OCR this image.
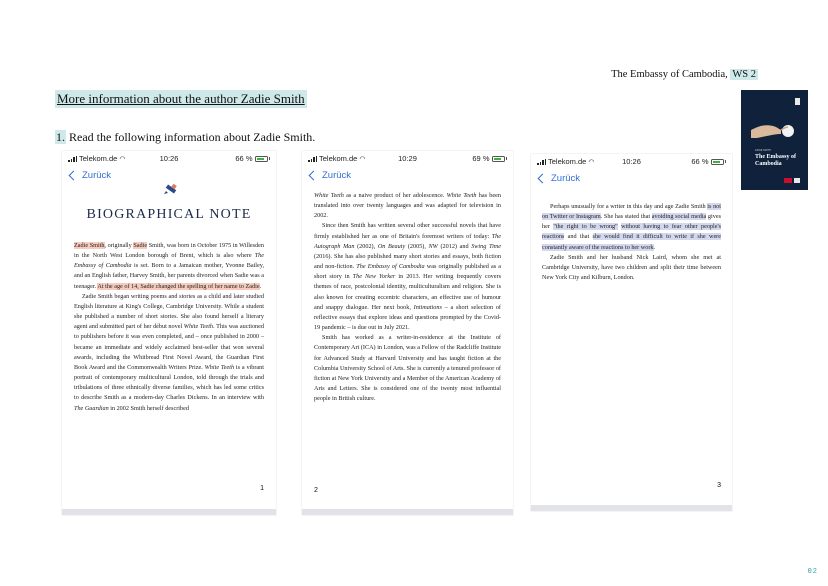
The Embassy of Cambodia, WS 2
More information about the author Zadie Smith
1. Read the following information about Zadie Smith.
ZADIE SMITH
The Embassy of
Cambodia
Telekom.de ◠	10:26	66 %
Zurück
BIOGRAPHICAL NOTE

Zadie Smith, originally Sadie Smith, was born in October 1975 in Willesden in the North West London borough of Brent, which is also where The Embassy of Cambodia is set. Born to a Jamaican mother, Yvonne Bailey, and an English father, Harvey Smith, her parents divorced when Sadie was a teenager. At the age of 14, Sadie changed the spelling of her name to Zadie.

Zadie Smith began writing poems and stories as a child and later studied English literature at King's College, Cambridge University. While a student she published a number of short stories. She also found herself a literary agent and submitted part of her début novel White Teeth. This was auctioned to publishers before it was even completed, and – once published in 2000 – became an immediate and widely acclaimed best-seller that won several awards, including the Whitbread First Novel Award, the Guardian First Book Award and the Commonwealth Writers Prize. White Teeth is a vibrant portrait of contemporary multicultural London, told through the trials and tribulations of three ethnically diverse families, which has led some critics to describe Smith as a modern-day Charles Dickens. In an interview with The Guardian in 2002 Smith herself described

1
Telekom.de ◠	10:29	69 %
Zurück

White Teeth as a naive product of her adolescence. White Teeth has been translated into over twenty languages and was adapted for television in 2002.

Since then Smith has written several other successful novels that have firmly established her as one of Britain's foremost writers of today: The Autograph Man (2002), On Beauty (2005), NW (2012) and Swing Time (2016). She has also published many short stories and essays, both fiction and non-fiction. The Embassy of Cambodia was originally published as a short story in The New Yorker in 2013. Her writing frequently covers themes of race, postcolonial identity, multiculturalism and religion. She is also known for creating eccentric characters, an effective use of humour and snappy dialogue. Her next book, Intimations – a short selection of reflective essays that explore ideas and questions prompted by the Covid-19 pandemic – is due out in July 2021.

Smith has worked as a writer-in-residence at the Institute of Contemporary Art (ICA) in London, was a Fellow of the Radcliffe Institute for Advanced Study at Harvard University and has taught fiction at the Columbia University School of Arts. She is currently a tenured professor of fiction at New York University and a Member of the American Academy of Arts and Letters. She is considered one of the twenty most influential people in British culture.

2
Telekom.de ◠	10:26	66 %
Zurück

Perhaps unusually for a writer in this day and age Zadie Smith is not on Twitter or Instagram. She has stated that avoiding social media gives her "the right to be wrong" without having to fear other people's reactions and that she would find it difficult to write if she were constantly aware of the reactions to her work.

Zadie Smith and her husband Nick Laird, whom she met at Cambridge University, have two children and split their time between New York City and Kilburn, London.

3
02
